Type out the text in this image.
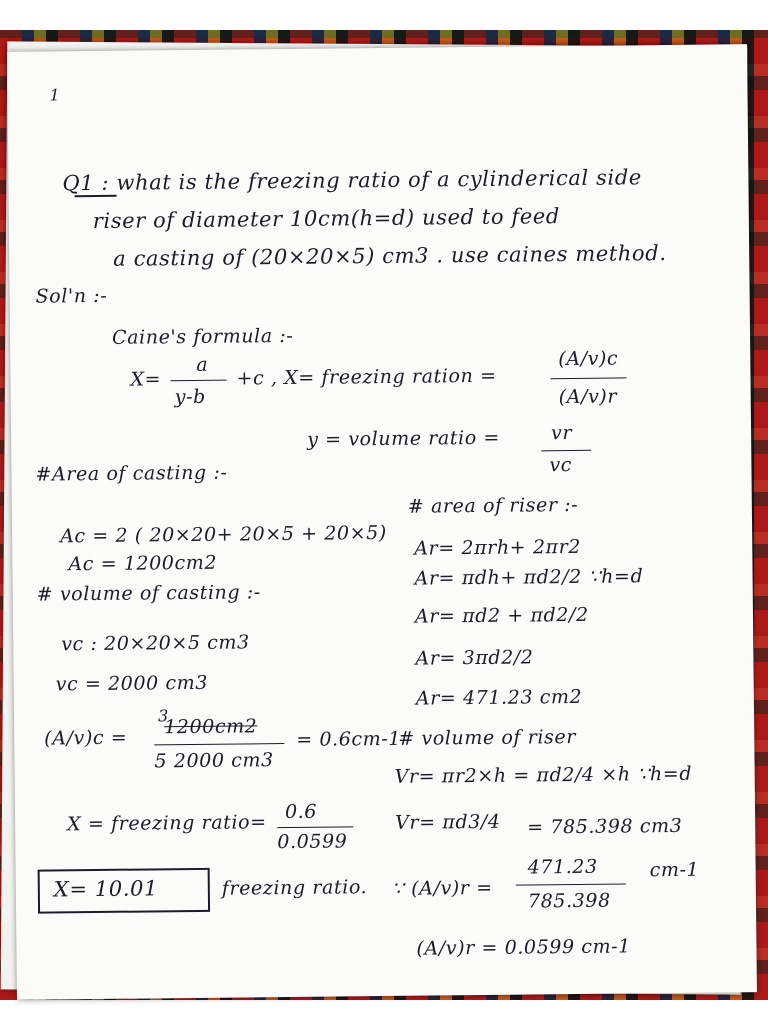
1
Q1 : what is the freezing ratio of a cylinderical side
riser of diameter 10cm(h=d) used to feed
a casting of (20×20×5) cm3 . use caines method.
Sol'n :-
Caine's formula :-
X=
a
y-b
+c , X= freezing ration =
(A/v)c
(A/v)r
y = volume ratio =	vr
vc
#Area of casting :-
# area of riser :-
Ac = 2 ( 20×20+ 20×5 + 20×5)
Ac = 1200cm2
Ar= 2πrh+ 2πr2
# volume of casting :-
Ar= πdh+ πd2/2 ∵h=d
Ar= πd2 + πd2/2
vc : 20×20×5 cm3
Ar= 3πd2/2
vc = 2000 cm3
Ar= 471.23 cm2
(A/v)c =
3
1200cm2
5 2000 cm3
= 0.6cm-1
# volume of riser
Vr= πr2×h = πd2/4 ×h ∵h=d
X = freezing ratio= 0.6
0.0599
Vr= πd3/4 = 785.398 cm3
X= 10.01	freezing ratio. ∵ (A/v)r =
471.23
785.398
cm-1
(A/v)r = 0.0599 cm-1
